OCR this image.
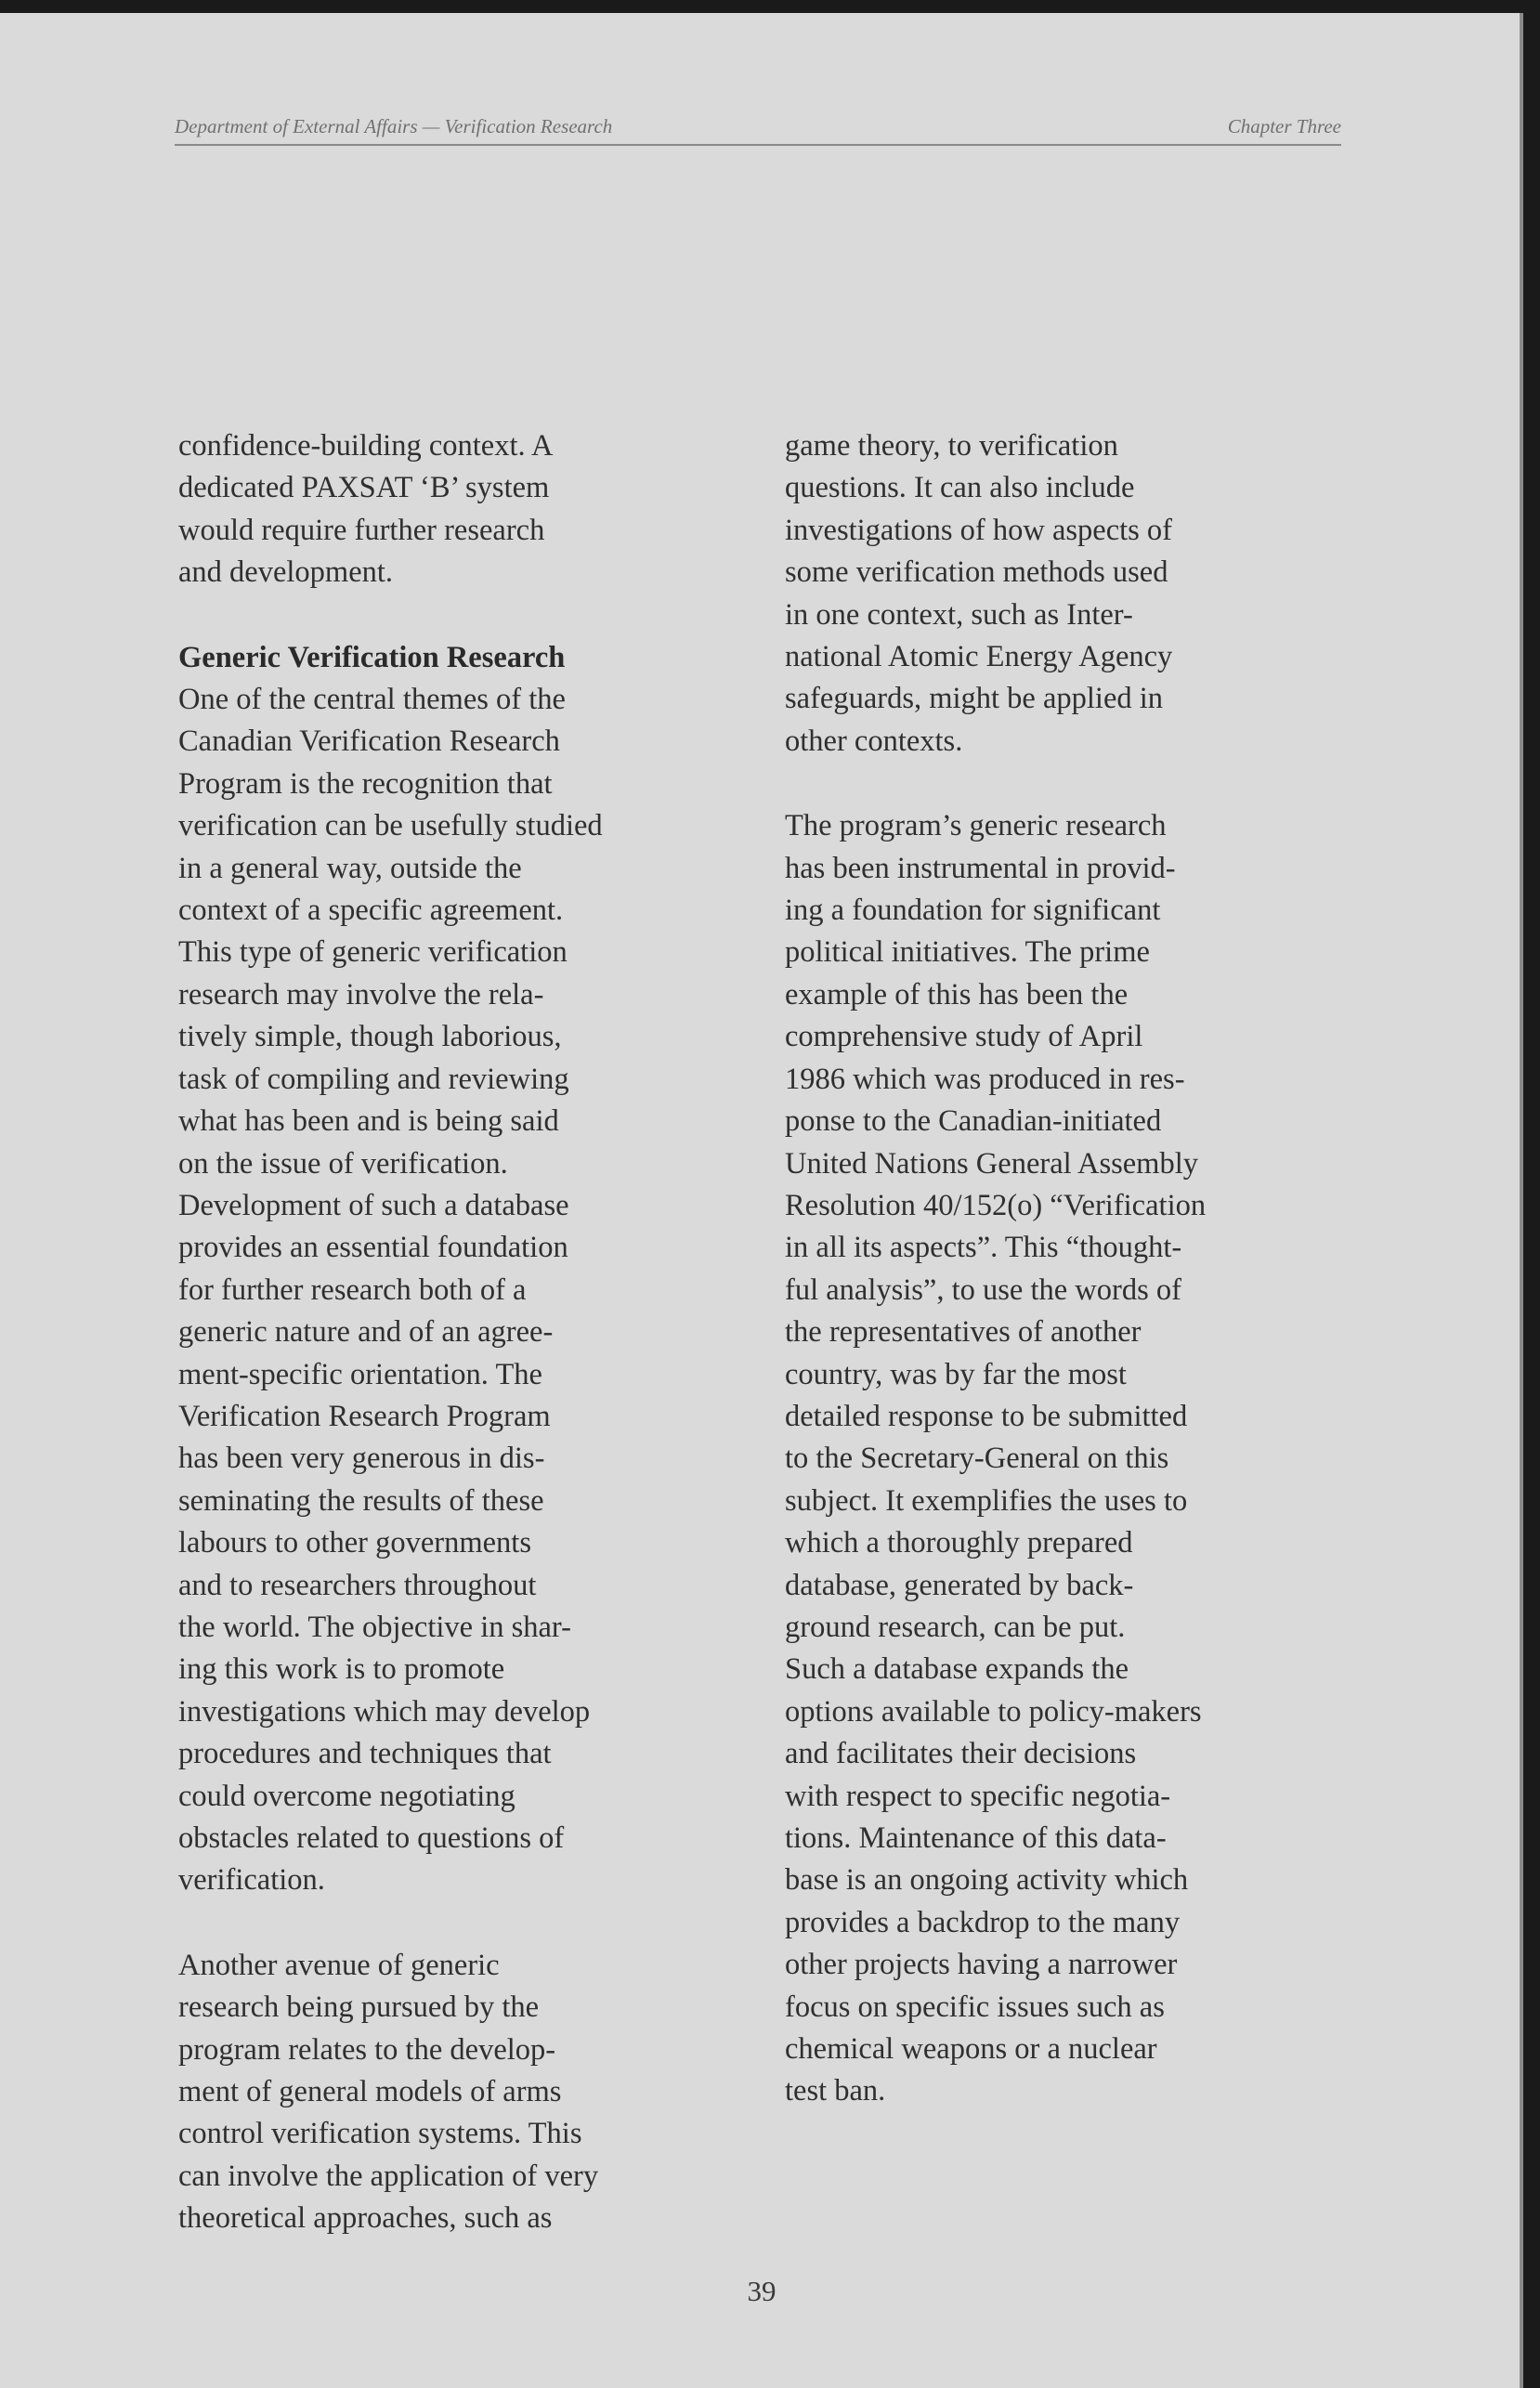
Department of External Affairs — Verification Research	Chapter Three
confidence-building context. A
dedicated PAXSAT ‘B’ system
would require further research
and development.
Generic Verification Research
One of the central themes of the
Canadian Verification Research
Program is the recognition that
verification can be usefully studied
in a general way, outside the
context of a specific agreement.
This type of generic verification
research may involve the rela-
tively simple, though laborious,
task of compiling and reviewing
what has been and is being said
on the issue of verification.
Development of such a database
provides an essential foundation
for further research both of a
generic nature and of an agree-
ment-specific orientation. The
Verification Research Program
has been very generous in dis-
seminating the results of these
labours to other governments
and to researchers throughout
the world. The objective in shar-
ing this work is to promote
investigations which may develop
procedures and techniques that
could overcome negotiating
obstacles related to questions of
verification.
Another avenue of generic
research being pursued by the
program relates to the develop-
ment of general models of arms
control verification systems. This
can involve the application of very
theoretical approaches, such as
game theory, to verification
questions. It can also include
investigations of how aspects of
some verification methods used
in one context, such as Inter-
national Atomic Energy Agency
safeguards, might be applied in
other contexts.
The program’s generic research
has been instrumental in provid-
ing a foundation for significant
political initiatives. The prime
example of this has been the
comprehensive study of April
1986 which was produced in res-
ponse to the Canadian-initiated
United Nations General Assembly
Resolution 40/152(o) “Verification
in all its aspects”. This “thought-
ful analysis”, to use the words of
the representatives of another
country, was by far the most
detailed response to be submitted
to the Secretary-General on this
subject. It exemplifies the uses to
which a thoroughly prepared
database, generated by back-
ground research, can be put.
Such a database expands the
options available to policy-makers
and facilitates their decisions
with respect to specific negotia-
tions. Maintenance of this data-
base is an ongoing activity which
provides a backdrop to the many
other projects having a narrower
focus on specific issues such as
chemical weapons or a nuclear
test ban.
39
